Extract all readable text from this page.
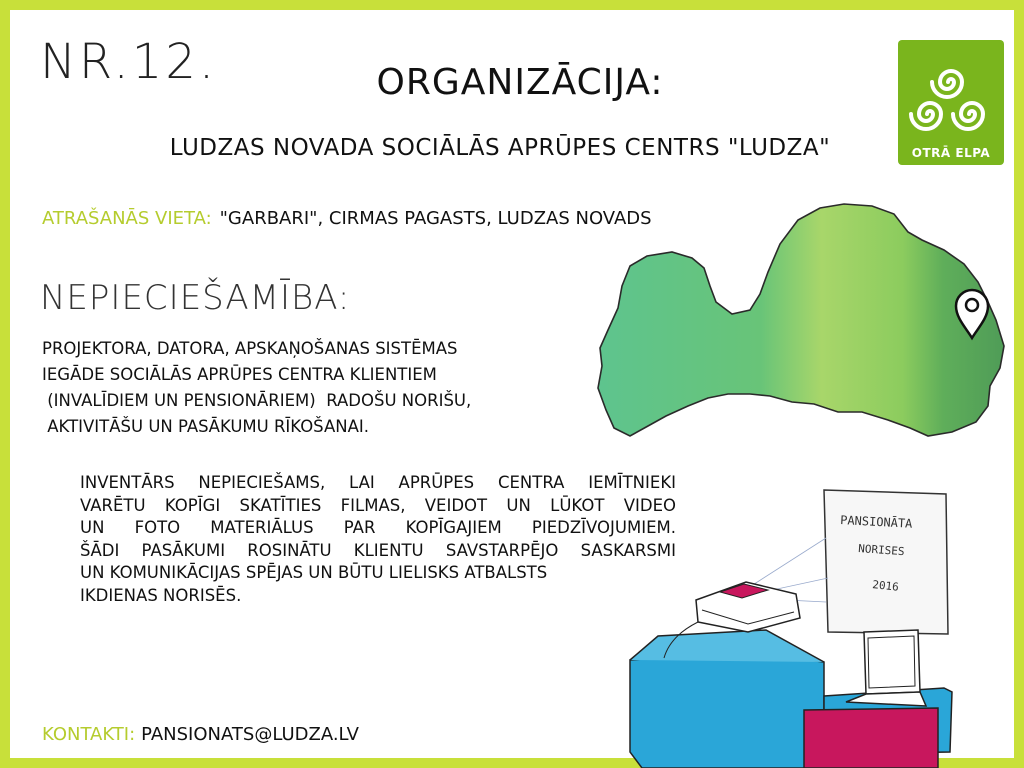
NR.12.	ORGANIZĀCIJA:
LUDZAS NOVADA SOCIĀLĀS APRŪPES CENTRS "LUDZA"	OTRĀ ELPA
ATRAŠANĀS VIETA: "GARBARI", CIRMAS PAGASTS, LUDZAS NOVADS
NEPIECIEŠAMĪBA:
PROJEKTORA, DATORA, APSKAŅOŠANAS SISTĒMAS
IEGĀDE SOCIĀLĀS APRŪPES CENTRA KLIENTIEM
(INVALĪDIEM UN PENSIONĀRIEM)  RADOŠU NORIŠU,
AKTIVITĀŠU UN PASĀKUMU RĪKOŠANAI.
INVENTĀRS NEPIECIEŠAMS, LAI APRŪPES CENTRA IEMĪTNIEKI
VARĒTU KOPĪGI SKATĪTIES FILMAS, VEIDOT UN LŪKOT VIDEO
UN FOTO MATERIĀLUS PAR KOPĪGAJIEM PIEDZĪVOJUMIEM.
ŠĀDI PASĀKUMI ROSINĀTU KLIENTU SAVSTARPĒJO SASKARSMI
UN KOMUNIKĀCIJAS SPĒJAS UN BŪTU LIELISKS ATBALSTS
IKDIENAS NORISĒS.
PANSIONĀTA
NORISES
2016
KONTAKTI: PANSIONATS@LUDZA.LV
